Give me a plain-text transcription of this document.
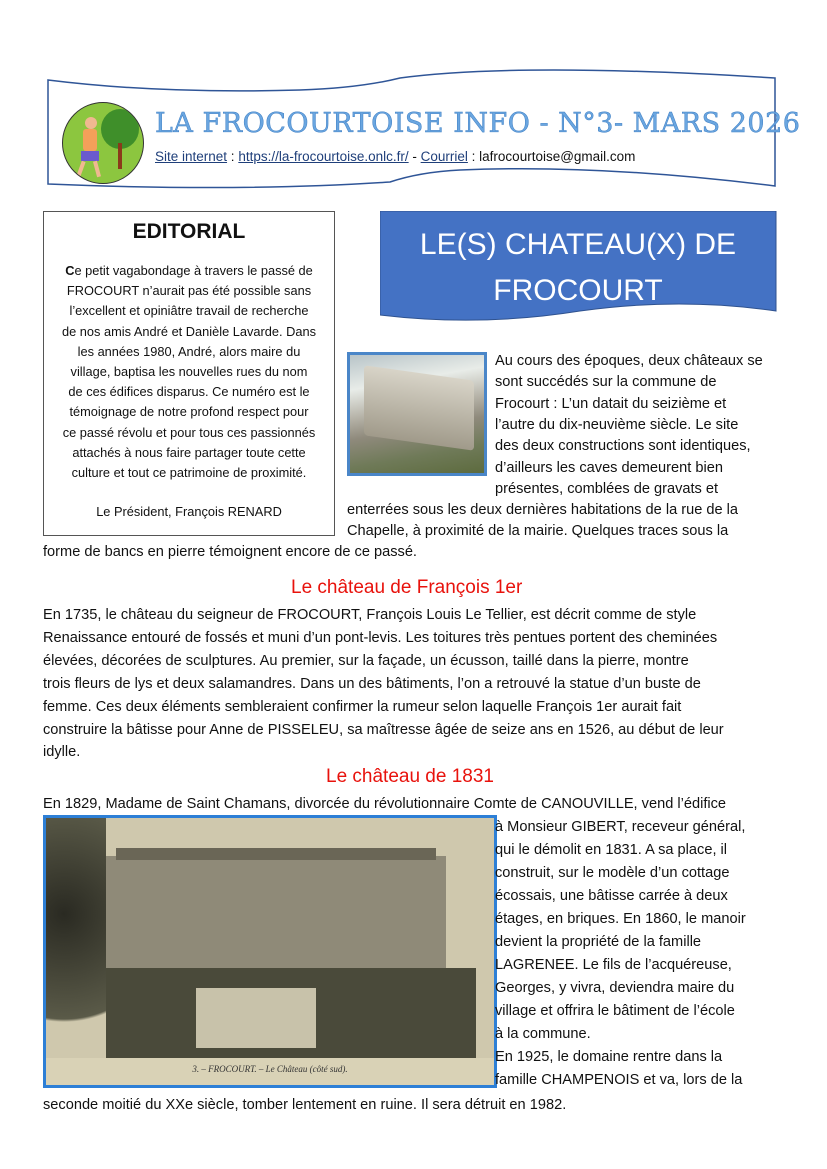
LA FROCOURTOISE INFO - N°3- MARS 2026
Site internet : https://la-frocourtoise.onlc.fr/ - Courriel : lafrocourtoise@gmail.com
EDITORIAL
Ce petit vagabondage à travers le passé de
FROCOURT n’aurait pas été possible sans
l’excellent et opiniâtre travail de recherche
de nos amis André et Danièle Lavarde. Dans
les années 1980, André, alors maire du
village, baptisa les nouvelles rues du nom
de ces édifices disparus. Ce numéro est le
témoignage de notre profond respect pour
ce passé révolu et pour tous ces passionnés
attachés à nous faire partager toute cette
culture et tout ce patrimoine de proximité.
Le Président, François RENARD
LE(S) CHATEAU(X) DE
FROCOURT
Au cours des époques, deux châteaux se
sont succédés sur la commune de
Frocourt : L’un datait du seizième et
l’autre du dix-neuvième siècle. Le site
des deux constructions sont identiques,
d’ailleurs les caves demeurent bien
présentes, comblées de gravats et
enterrées sous les deux dernières habitations de la rue de la
Chapelle, à proximité de la mairie. Quelques traces sous la
forme de bancs en pierre témoignent encore de ce passé.
Le château de François 1er
En 1735, le château du seigneur de FROCOURT, François Louis Le Tellier, est décrit comme de style
Renaissance entouré de fossés et muni d’un pont-levis. Les toitures très pentues portent des cheminées
élevées, décorées de sculptures. Au premier, sur la façade, un écusson, taillé dans la pierre, montre
trois fleurs de lys et deux salamandres. Dans un des bâtiments, l’on a retrouvé la statue d’un buste de
femme. Ces deux éléments sembleraient confirmer la rumeur selon laquelle François 1er aurait fait
construire la bâtisse pour Anne de PISSELEU, sa maîtresse âgée de seize ans en 1526, au début de leur
idylle.
Le château de 1831
En 1829, Madame de Saint Chamans, divorcée du révolutionnaire Comte de CANOUVILLE, vend l’édifice
3. – FROCOURT. – Le Château (côté sud).
à Monsieur GIBERT, receveur général,
qui le démolit en 1831. A sa place, il
construit, sur le modèle d’un cottage
écossais, une bâtisse carrée à deux
étages, en briques. En 1860, le manoir
devient la propriété de la famille
LAGRENEE. Le fils de l’acquéreuse,
Georges, y vivra, deviendra maire du
village et offrira le bâtiment de l’école
à la commune.
En 1925, le domaine rentre dans la
famille CHAMPENOIS et va, lors de la
seconde moitié du XXe siècle, tomber lentement en ruine. Il sera détruit en 1982.
